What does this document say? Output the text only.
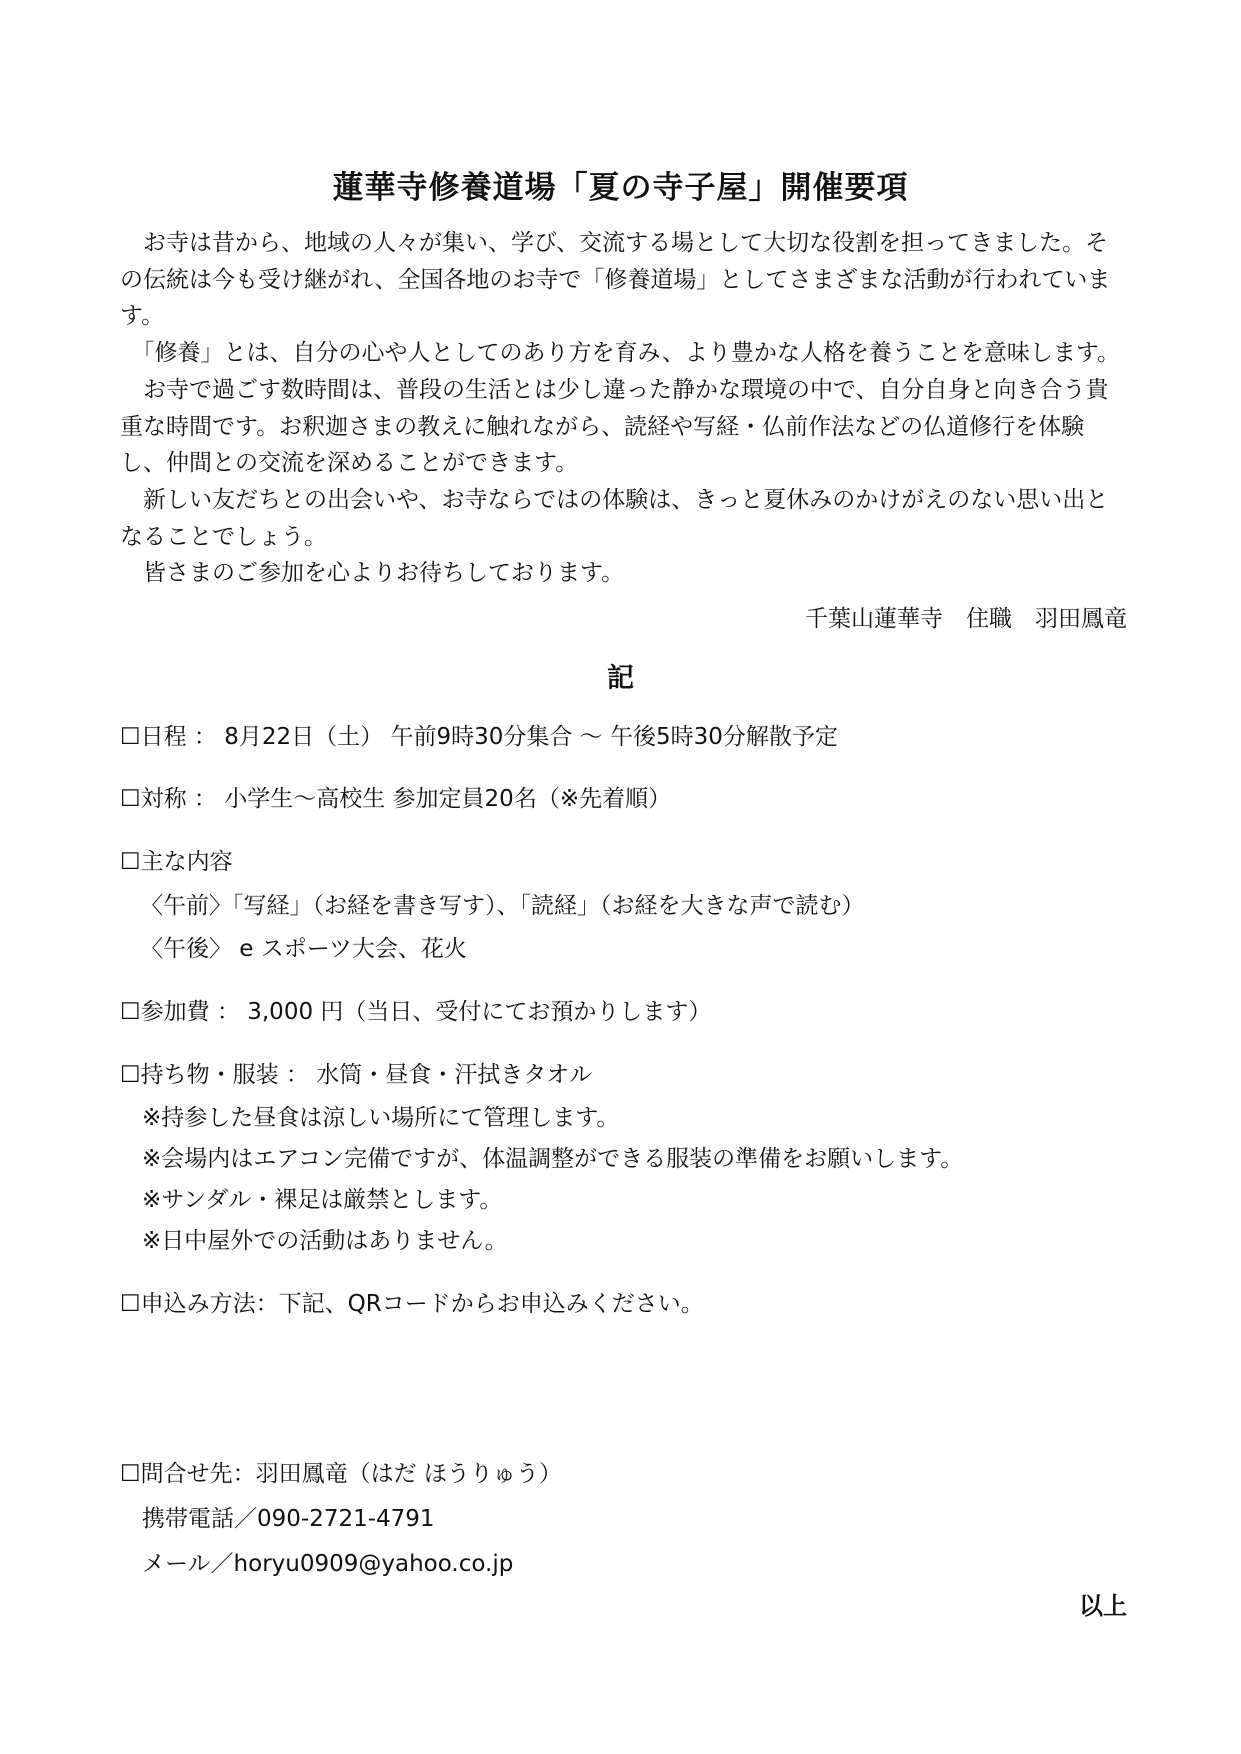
蓮華寺修養道場「夏の寺子屋」開催要項

　お寺は昔から、地域の人々が集い、学び、交流する場として大切な役割を担ってきました。その伝統は今も受け継がれ、全国各地のお寺で「修養道場」としてさまざまな活動が行われています。

　「修養」とは、自分の心や人としてのあり方を育み、より豊かな人格を養うことを意味します。

　お寺で過ごす数時間は、普段の生活とは少し違った静かな環境の中で、自分自身と向き合う貴重な時間です。お釈迦さまの教えに触れながら、読経や写経・仏前作法などの仏道修行を体験し、仲間との交流を深めることができます。

　新しい友だちとの出会いや、お寺ならではの体験は、きっと夏休みのかけがえのない思い出となることでしょう。

　皆さまのご参加を心よりお待ちしております。

千葉山蓮華寺　住職　羽田鳳竜
記
☐日程 ： 8月22日（土） 午前9時30分集合 ～ 午後5時30分解散予定
☐対称 ： 小学生～高校生 参加定員20名（※先着順）
☐主な内容
〈午前〉「写経」（お経を書き写す）、「読経」（お経を大きな声で読む）
〈午後〉 e スポーツ大会、花火
☐参加費 ： 3,000 円（当日、受付にてお預かりします）
☐持ち物・服装 ： 水筒・昼食・汗拭きタオル
※持参した昼食は涼しい場所にて管理します。
※会場内はエアコン完備ですが、体温調整ができる服装の準備をお願いします。
※サンダル・裸足は厳禁とします。
※日中屋外での活動はありません。
☐申込み方法：下記、QRコードからお申込みください。
☐問合せ先：羽田鳳竜（はだ ほうりゅう）
携帯電話／090-2721-4791
メール／horyu0909@yahoo.co.jp
以上
